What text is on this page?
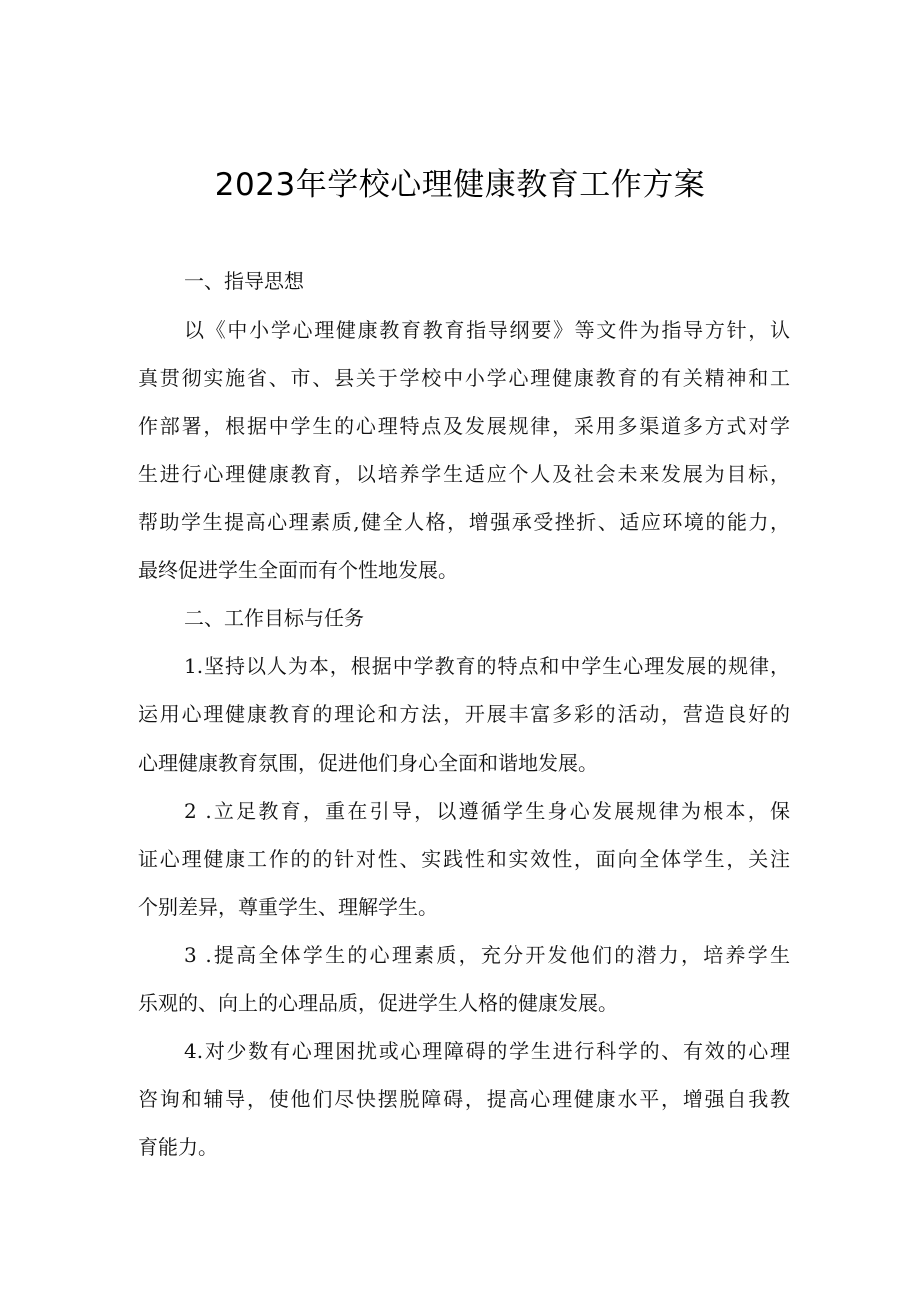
2023年学校心理健康教育工作方案
一、指导思想
以《中小学心理健康教育教育指导纲要》等文件为指导方针，认
真贯彻实施省、市、县关于学校中小学心理健康教育的有关精神和工
作部署，根据中学生的心理特点及发展规律，采用多渠道多方式对学
生进行心理健康教育，以培养学生适应个人及社会未来发展为目标，
帮助学生提高心理素质,健全人格，增强承受挫折、适应环境的能力，
最终促进学生全面而有个性地发展。
二、工作目标与任务
1.坚持以人为本，根据中学教育的特点和中学生心理发展的规律，
运用心理健康教育的理论和方法，开展丰富多彩的活动，营造良好的
心理健康教育氛围，促进他们身心全面和谐地发展。
2 .立足教育，重在引导，以遵循学生身心发展规律为根本，保
证心理健康工作的的针对性、实践性和实效性，面向全体学生，关注
个别差异，尊重学生、理解学生。
3 .提高全体学生的心理素质，充分开发他们的潜力，培养学生
乐观的、向上的心理品质，促进学生人格的健康发展。
4.对少数有心理困扰或心理障碍的学生进行科学的、有效的心理
咨询和辅导，使他们尽快摆脱障碍，提高心理健康水平，增强自我教
育能力。
